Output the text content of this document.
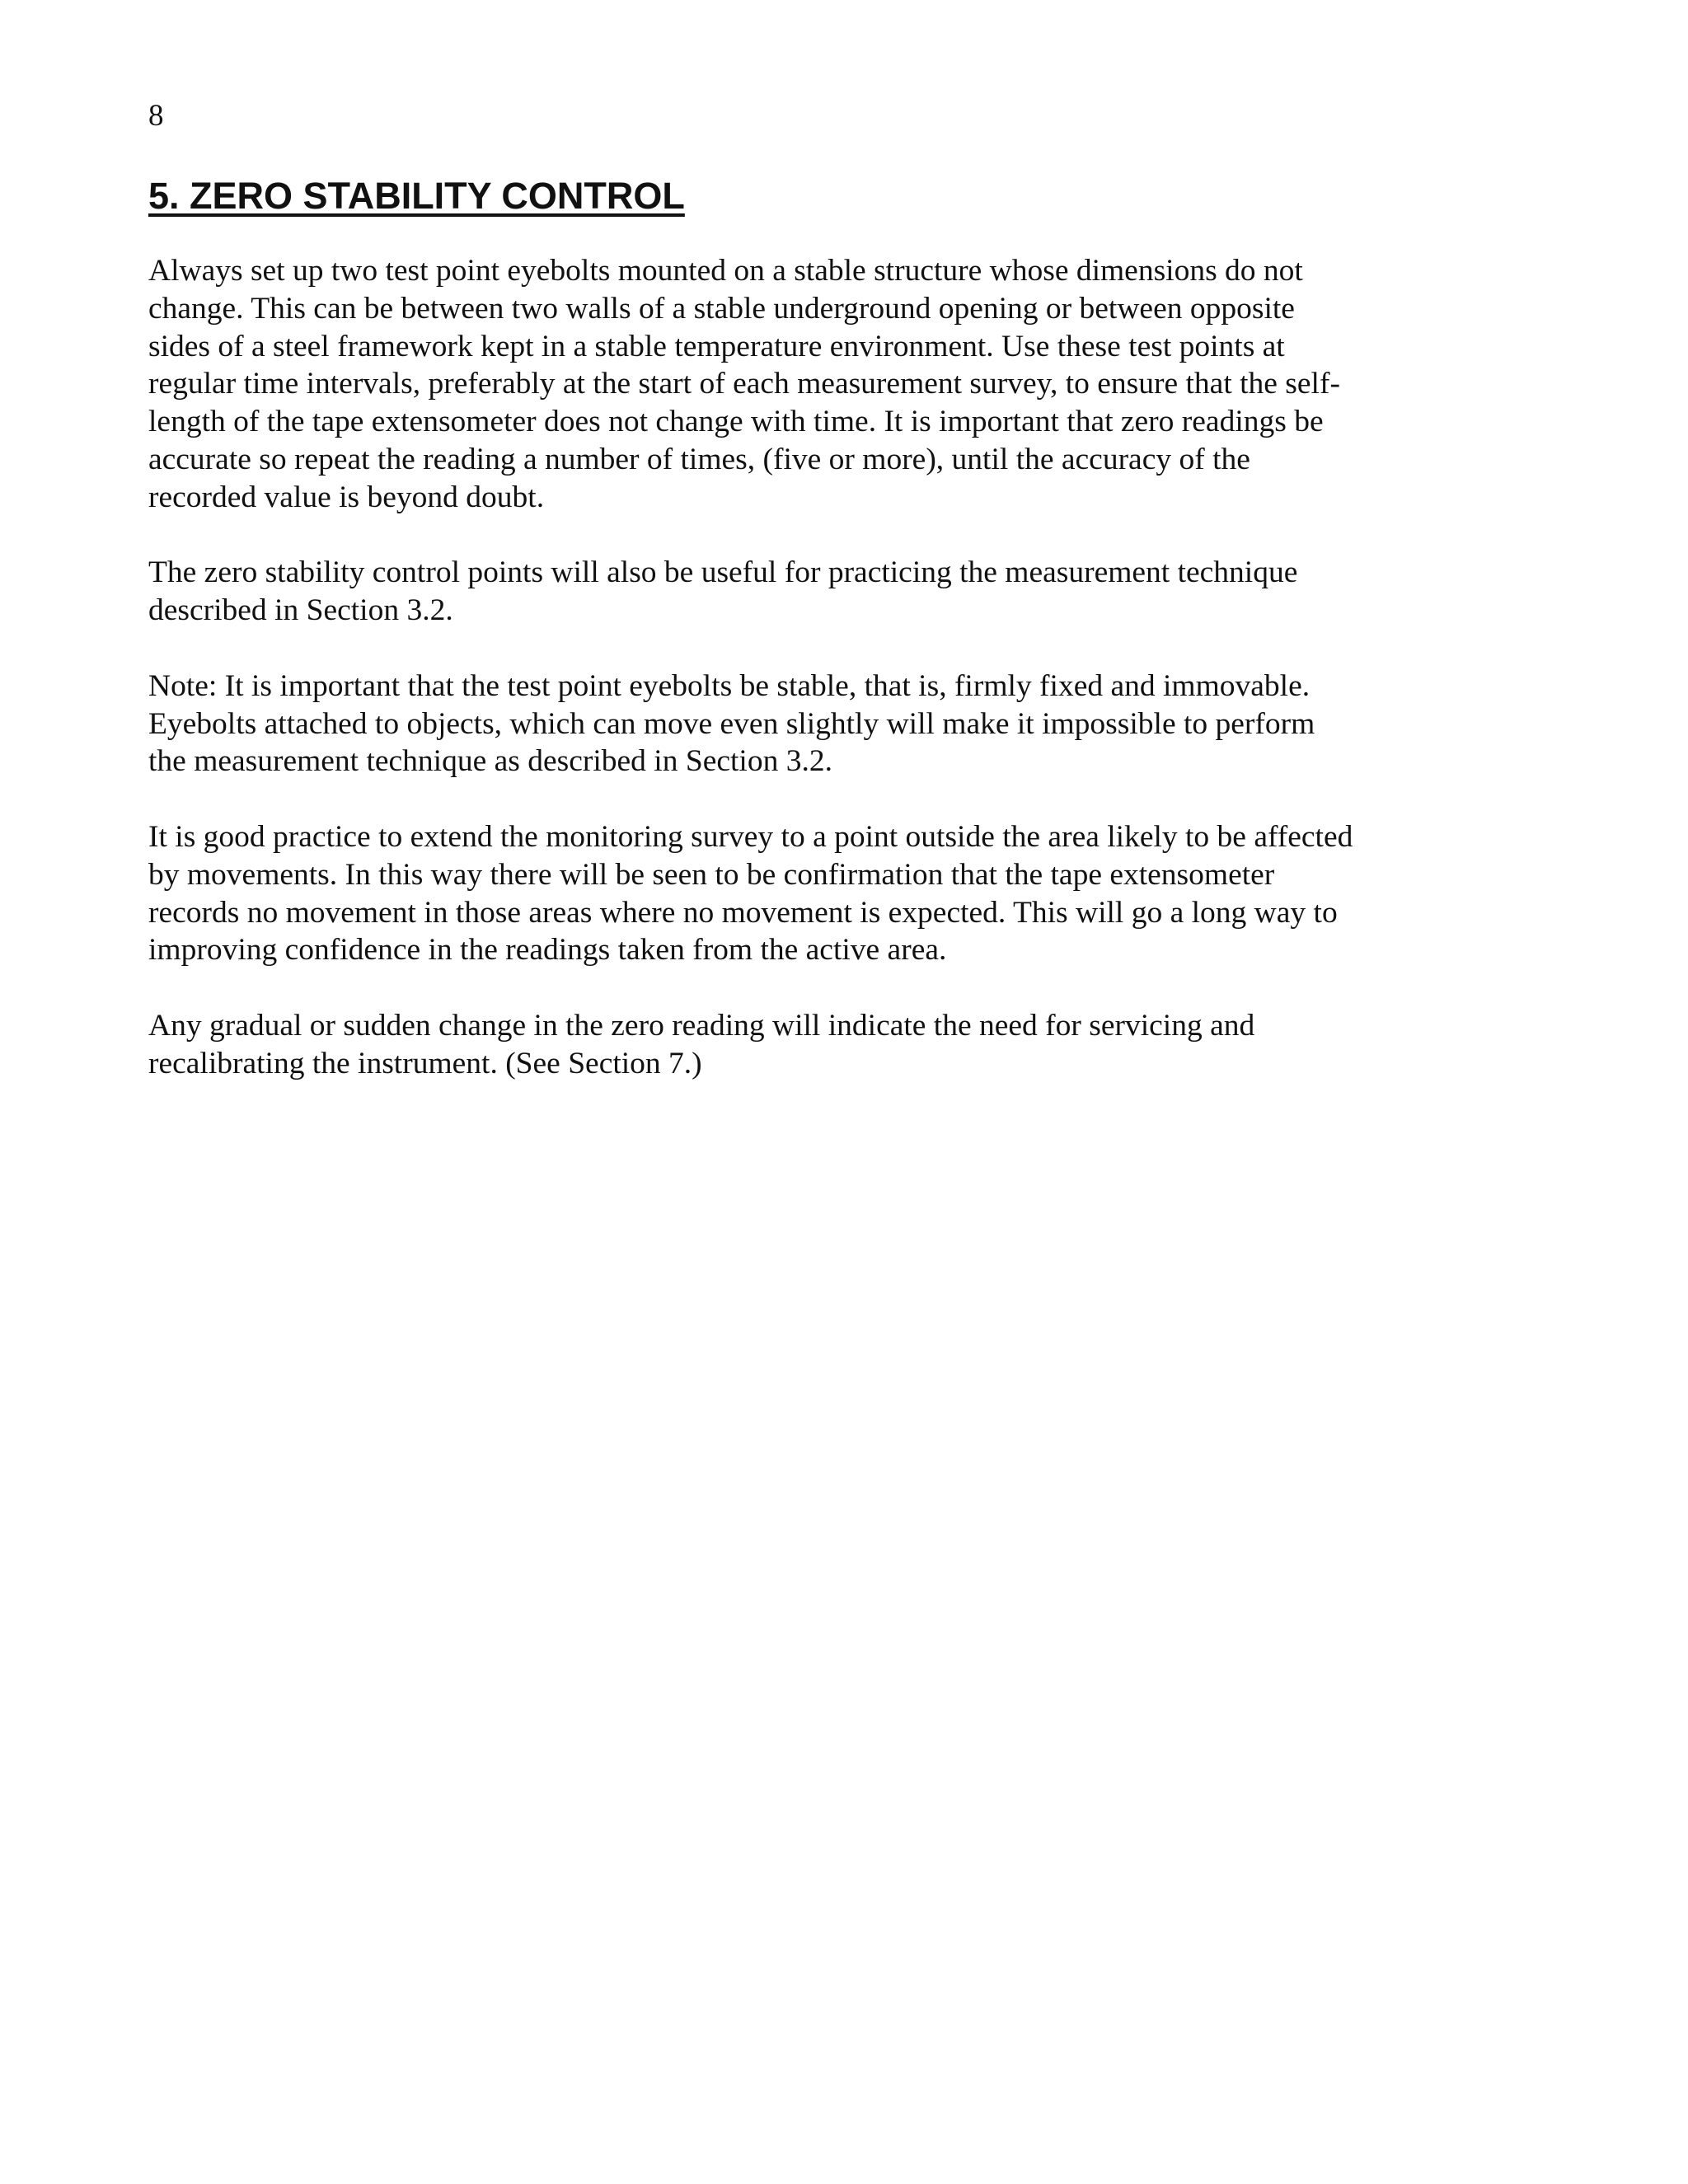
8
5. ZERO STABILITY CONTROL

Always set up two test point eyebolts mounted on a stable structure whose dimensions do not
change. This can be between two walls of a stable underground opening or between opposite
sides of a steel framework kept in a stable temperature environment. Use these test points at
regular time intervals, preferably at the start of each measurement survey, to ensure that the self-
length of the tape extensometer does not change with time. It is important that zero readings be
accurate so repeat the reading a number of times, (five or more), until the accuracy of the
recorded value is beyond doubt.

The zero stability control points will also be useful for practicing the measurement technique
described in Section 3.2.

Note: It is important that the test point eyebolts be stable, that is, firmly fixed and immovable.
Eyebolts attached to objects, which can move even slightly will make it impossible to perform
the measurement technique as described in Section 3.2.

It is good practice to extend the monitoring survey to a point outside the area likely to be affected
by movements. In this way there will be seen to be confirmation that the tape extensometer
records no movement in those areas where no movement is expected. This will go a long way to
improving confidence in the readings taken from the active area.

Any gradual or sudden change in the zero reading will indicate the need for servicing and
recalibrating the instrument. (See Section 7.)
